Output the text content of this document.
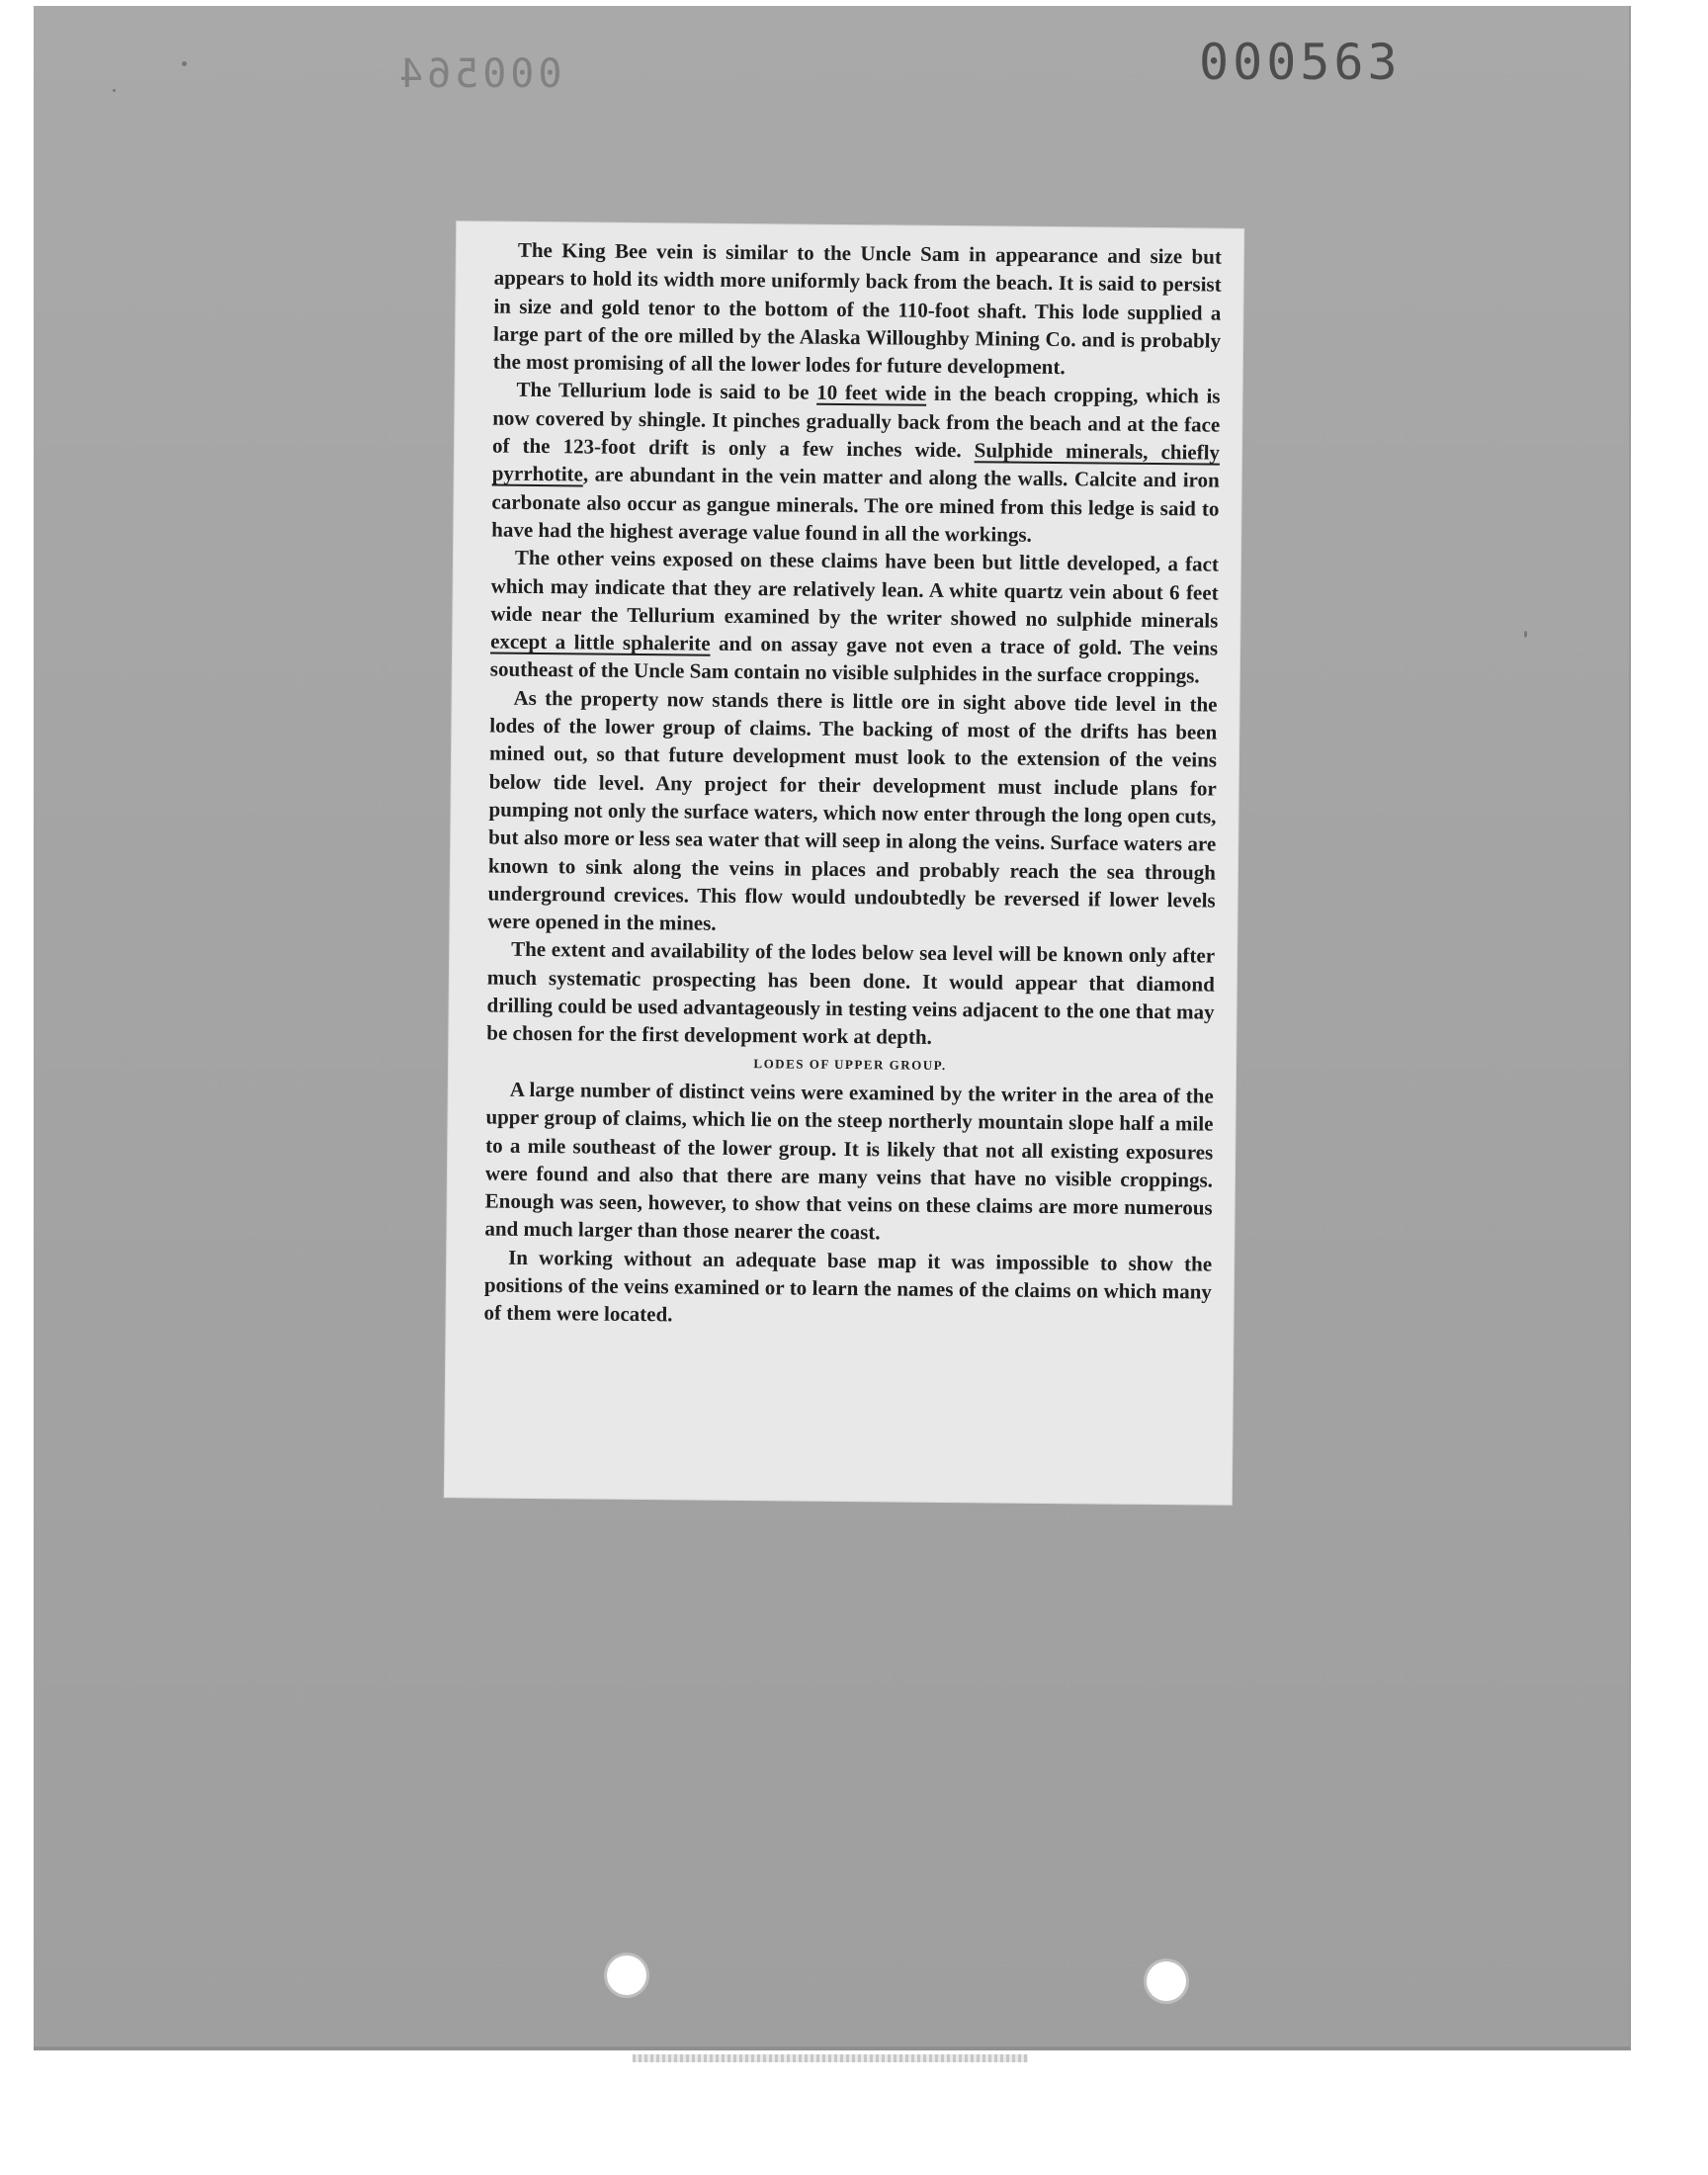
000564	000563

The King Bee vein is similar to the Uncle Sam in appearance and size but appears to hold its width more uniformly back from the beach. It is said to persist in size and gold tenor to the bottom of the 110-foot shaft. This lode supplied a large part of the ore milled by the Alaska Willoughby Mining Co. and is probably the most promising of all the lower lodes for future development.

The Tellurium lode is said to be 10 feet wide in the beach cropping, which is now covered by shingle. It pinches gradually back from the beach and at the face of the 123-foot drift is only a few inches wide. Sulphide minerals, chiefly pyrrhotite, are abundant in the vein matter and along the walls. Calcite and iron carbonate also occur as gangue minerals. The ore mined from this ledge is said to have had the highest average value found in all the workings.

The other veins exposed on these claims have been but little developed, a fact which may indicate that they are relatively lean. A white quartz vein about 6 feet wide near the Tellurium examined by the writer showed no sulphide minerals except a little sphalerite and on assay gave not even a trace of gold. The veins southeast of the Uncle Sam contain no visible sulphides in the surface croppings.

As the property now stands there is little ore in sight above tide level in the lodes of the lower group of claims. The backing of most of the drifts has been mined out, so that future development must look to the extension of the veins below tide level. Any project for their development must include plans for pumping not only the surface waters, which now enter through the long open cuts, but also more or less sea water that will seep in along the veins. Surface waters are known to sink along the veins in places and probably reach the sea through underground crevices. This flow would undoubtedly be reversed if lower levels were opened in the mines.

The extent and availability of the lodes below sea level will be known only after much systematic prospecting has been done. It would appear that diamond drilling could be used advantageously in testing veins adjacent to the one that may be chosen for the first development work at depth.

LODES OF UPPER GROUP.

A large number of distinct veins were examined by the writer in the area of the upper group of claims, which lie on the steep northerly mountain slope half a mile to a mile southeast of the lower group. It is likely that not all existing exposures were found and also that there are many veins that have no visible croppings. Enough was seen, however, to show that veins on these claims are more numerous and much larger than those nearer the coast.

In working without an adequate base map it was impossible to show the positions of the veins examined or to learn the names of the claims on which many of them were located.
